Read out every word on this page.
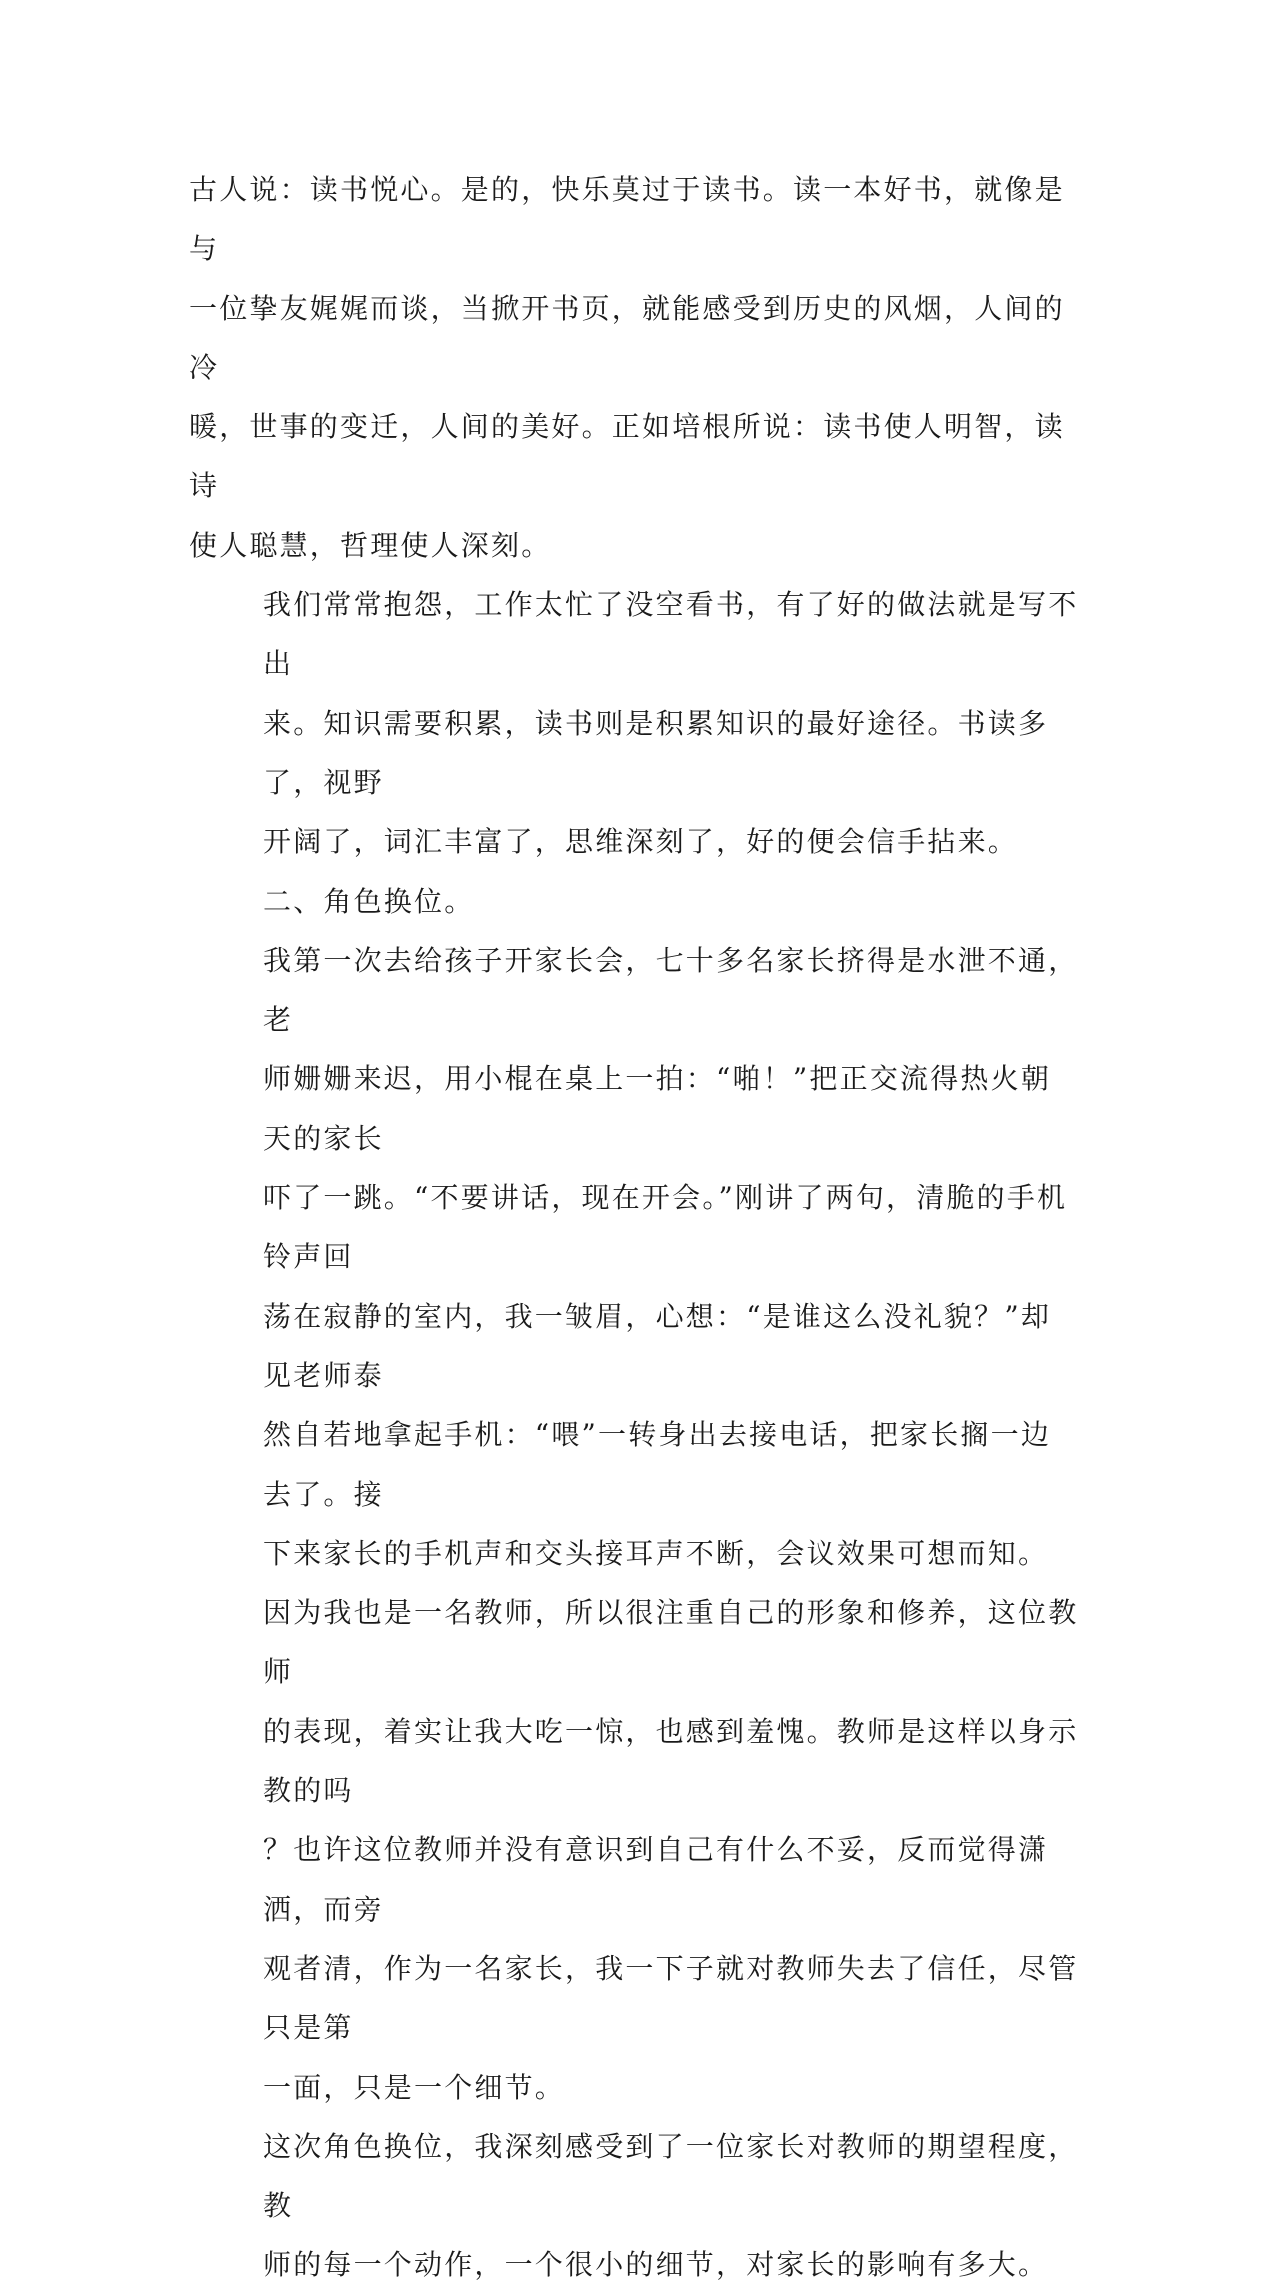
古人说：读书悦心。是的，快乐莫过于读书。读一本好书，就像是与
一位挚友娓娓而谈，当掀开书页，就能感受到历史的风烟，人间的冷
暖，世事的变迁，人间的美好。正如培根所说：读书使人明智，读诗
使人聪慧，哲理使人深刻。

我们常常抱怨，工作太忙了没空看书，有了好的做法就是写不出
来。知识需要积累，读书则是积累知识的最好途径。书读多了，视野
开阔了，词汇丰富了，思维深刻了，好的便会信手拈来。

二、角色换位。

我第一次去给孩子开家长会，七十多名家长挤得是水泄不通，老
师姗姗来迟，用小棍在桌上一拍：“啪！”把正交流得热火朝天的家长
吓了一跳。“不要讲话，现在开会。”刚讲了两句，清脆的手机铃声回
荡在寂静的室内，我一皱眉，心想：“是谁这么没礼貌？”却见老师泰
然自若地拿起手机：“喂”一转身出去接电话，把家长搁一边去了。接
下来家长的手机声和交头接耳声不断，会议效果可想而知。

因为我也是一名教师，所以很注重自己的形象和修养，这位教师
的表现，着实让我大吃一惊，也感到羞愧。教师是这样以身示教的吗
？也许这位教师并没有意识到自己有什么不妥，反而觉得潇洒，而旁
观者清，作为一名家长，我一下子就对教师失去了信任，尽管只是第
一面，只是一个细节。

这次角色换位，我深刻感受到了一位家长对教师的期望程度，教
师的每一个动作，一个很小的细节，对家长的影响有多大。
